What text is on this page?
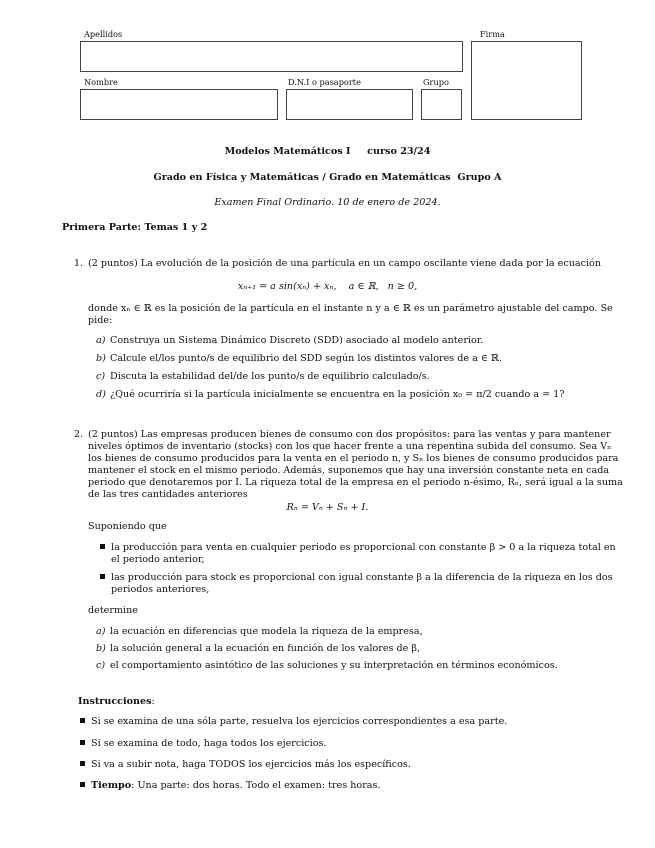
Apellidos	Firma
Nombre	D.N.I o pasaporte	Grupo
Modelos Matemáticos I     curso 23/24
Grado en Física y Matemáticas / Grado en Matemáticas  Grupo A
Examen Final Ordinario. 10 de enero de 2024.
Primera Parte: Temas 1 y 2
1. (2 puntos) La evolución de la posición de una partícula en un campo oscilante viene dada por la ecuación
xₙ₊₁ = a sin(xₙ) + xₙ,    a ∈ ℝ,   n ≥ 0,
donde xₙ ∈ ℝ es la posición de la partícula en el instante n y a ∈ ℝ es un parámetro ajustable del campo. Se
pide:
a) Construya un Sistema Dinámico Discreto (SDD) asociado al modelo anterior.
b) Calcule el/los punto/s de equilibrio del SDD según los distintos valores de a ∈ ℝ.
c) Discuta la estabilidad del/de los punto/s de equilibrio calculado/s.
d) ¿Qué ocurriría si la partícula inicialmente se encuentra en la posición x₀ = π/2 cuando a = 1?
2. (2 puntos) Las empresas producen bienes de consumo con dos propósitos: para las ventas y para mantener
niveles óptimos de inventario (stocks) con los que hacer frente a una repentina subida del consumo. Sea Vₙ
los bienes de consumo producidos para la venta en el periodo n, y Sₙ los bienes de consumo producidos para
mantener el stock en el mismo periodo. Además, suponemos que hay una inversión constante neta en cada
periodo que denotaremos por I. La riqueza total de la empresa en el periodo n-ésimo, Rₙ, será igual a la suma
de las tres cantidades anteriores
Rₙ = Vₙ + Sₙ + I.
Suponiendo que
la producción para venta en cualquier periodo es proporcional con constante β > 0 a la riqueza total en
el periodo anterior,
las producción para stock es proporcional con igual constante β a la diferencia de la riqueza en los dos
periodos anteriores,
determine
a) la ecuación en diferencias que modela la riqueza de la empresa,
b) la solución general a la ecuación en función de los valores de β,
c) el comportamiento asintótico de las soluciones y su interpretación en términos económicos.
Instrucciones:
Si se examina de una sóla parte, resuelva los ejercicios correspondientes a esa parte.
Si se examina de todo, haga todos los ejercicios.
Si va a subir nota, haga TODOS los ejercicios más los específicos.
Tiempo: Una parte: dos horas. Todo el examen: tres horas.
